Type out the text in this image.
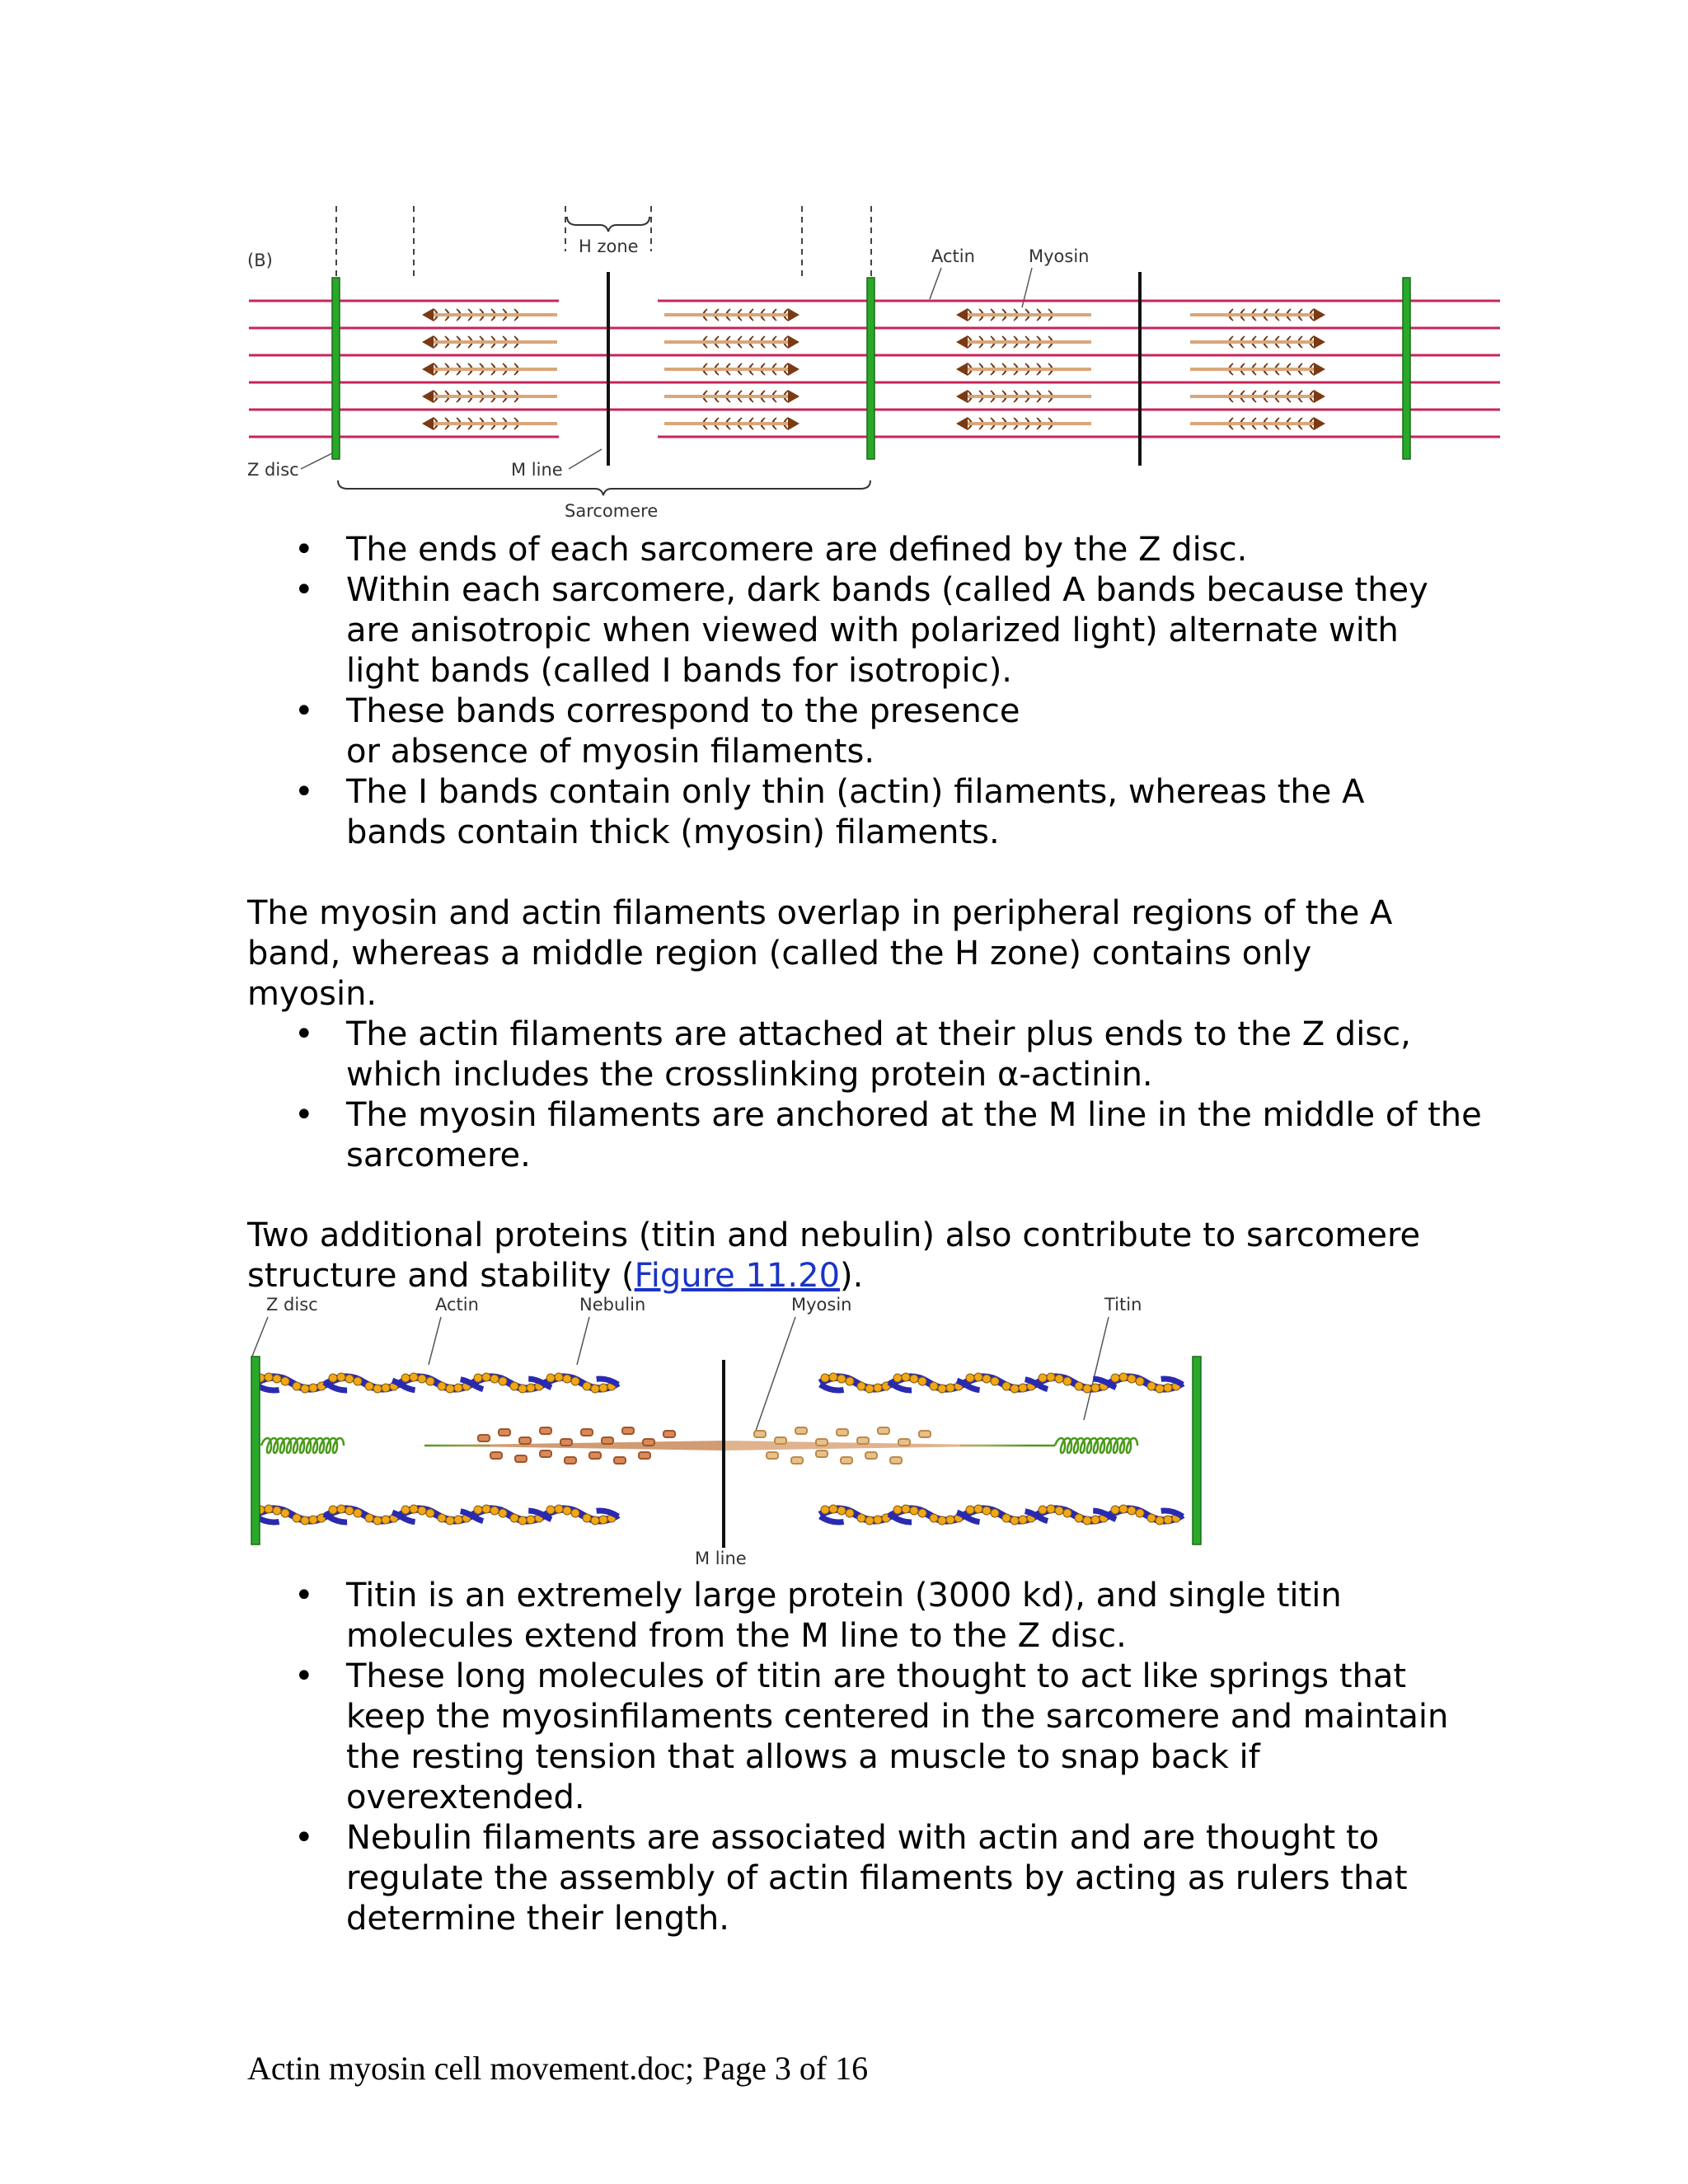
(B)
H zone	Actin	Myosin
Z disc	M line
Sarcomere
• The ends of each sarcomere are defined by the Z disc.
• Within each sarcomere, dark bands (called A bands because they are anisotropic when viewed with polarized light) alternate with light bands (called I bands for isotropic).
• These bands correspond to the presence or absence of myosin filaments.
• The I bands contain only thin (actin) filaments, whereas the A bands contain thick (myosin) filaments.

The myosin and actin filaments overlap in peripheral regions of the A band, whereas a middle region (called the H zone) contains only myosin.

• The actin filaments are attached at their plus ends to the Z disc, which includes the crosslinking protein α-actinin.
• The myosin filaments are anchored at the M line in the middle of the sarcomere.

Two additional proteins (titin and nebulin) also contribute to sarcomere structure and stability (Figure 11.20).

Z disc	Actin	Nebulin	Myosin	Titin
M line
• Titin is an extremely large protein (3000 kd), and single titin molecules extend from the M line to the Z disc.
• These long molecules of titin are thought to act like springs that keep the myosinfilaments centered in the sarcomere and maintain the resting tension that allows a muscle to snap back if overextended.
• Nebulin filaments are associated with actin and are thought to regulate the assembly of actin filaments by acting as rulers that determine their length.
Actin myosin cell movement.doc; Page 3 of 16
